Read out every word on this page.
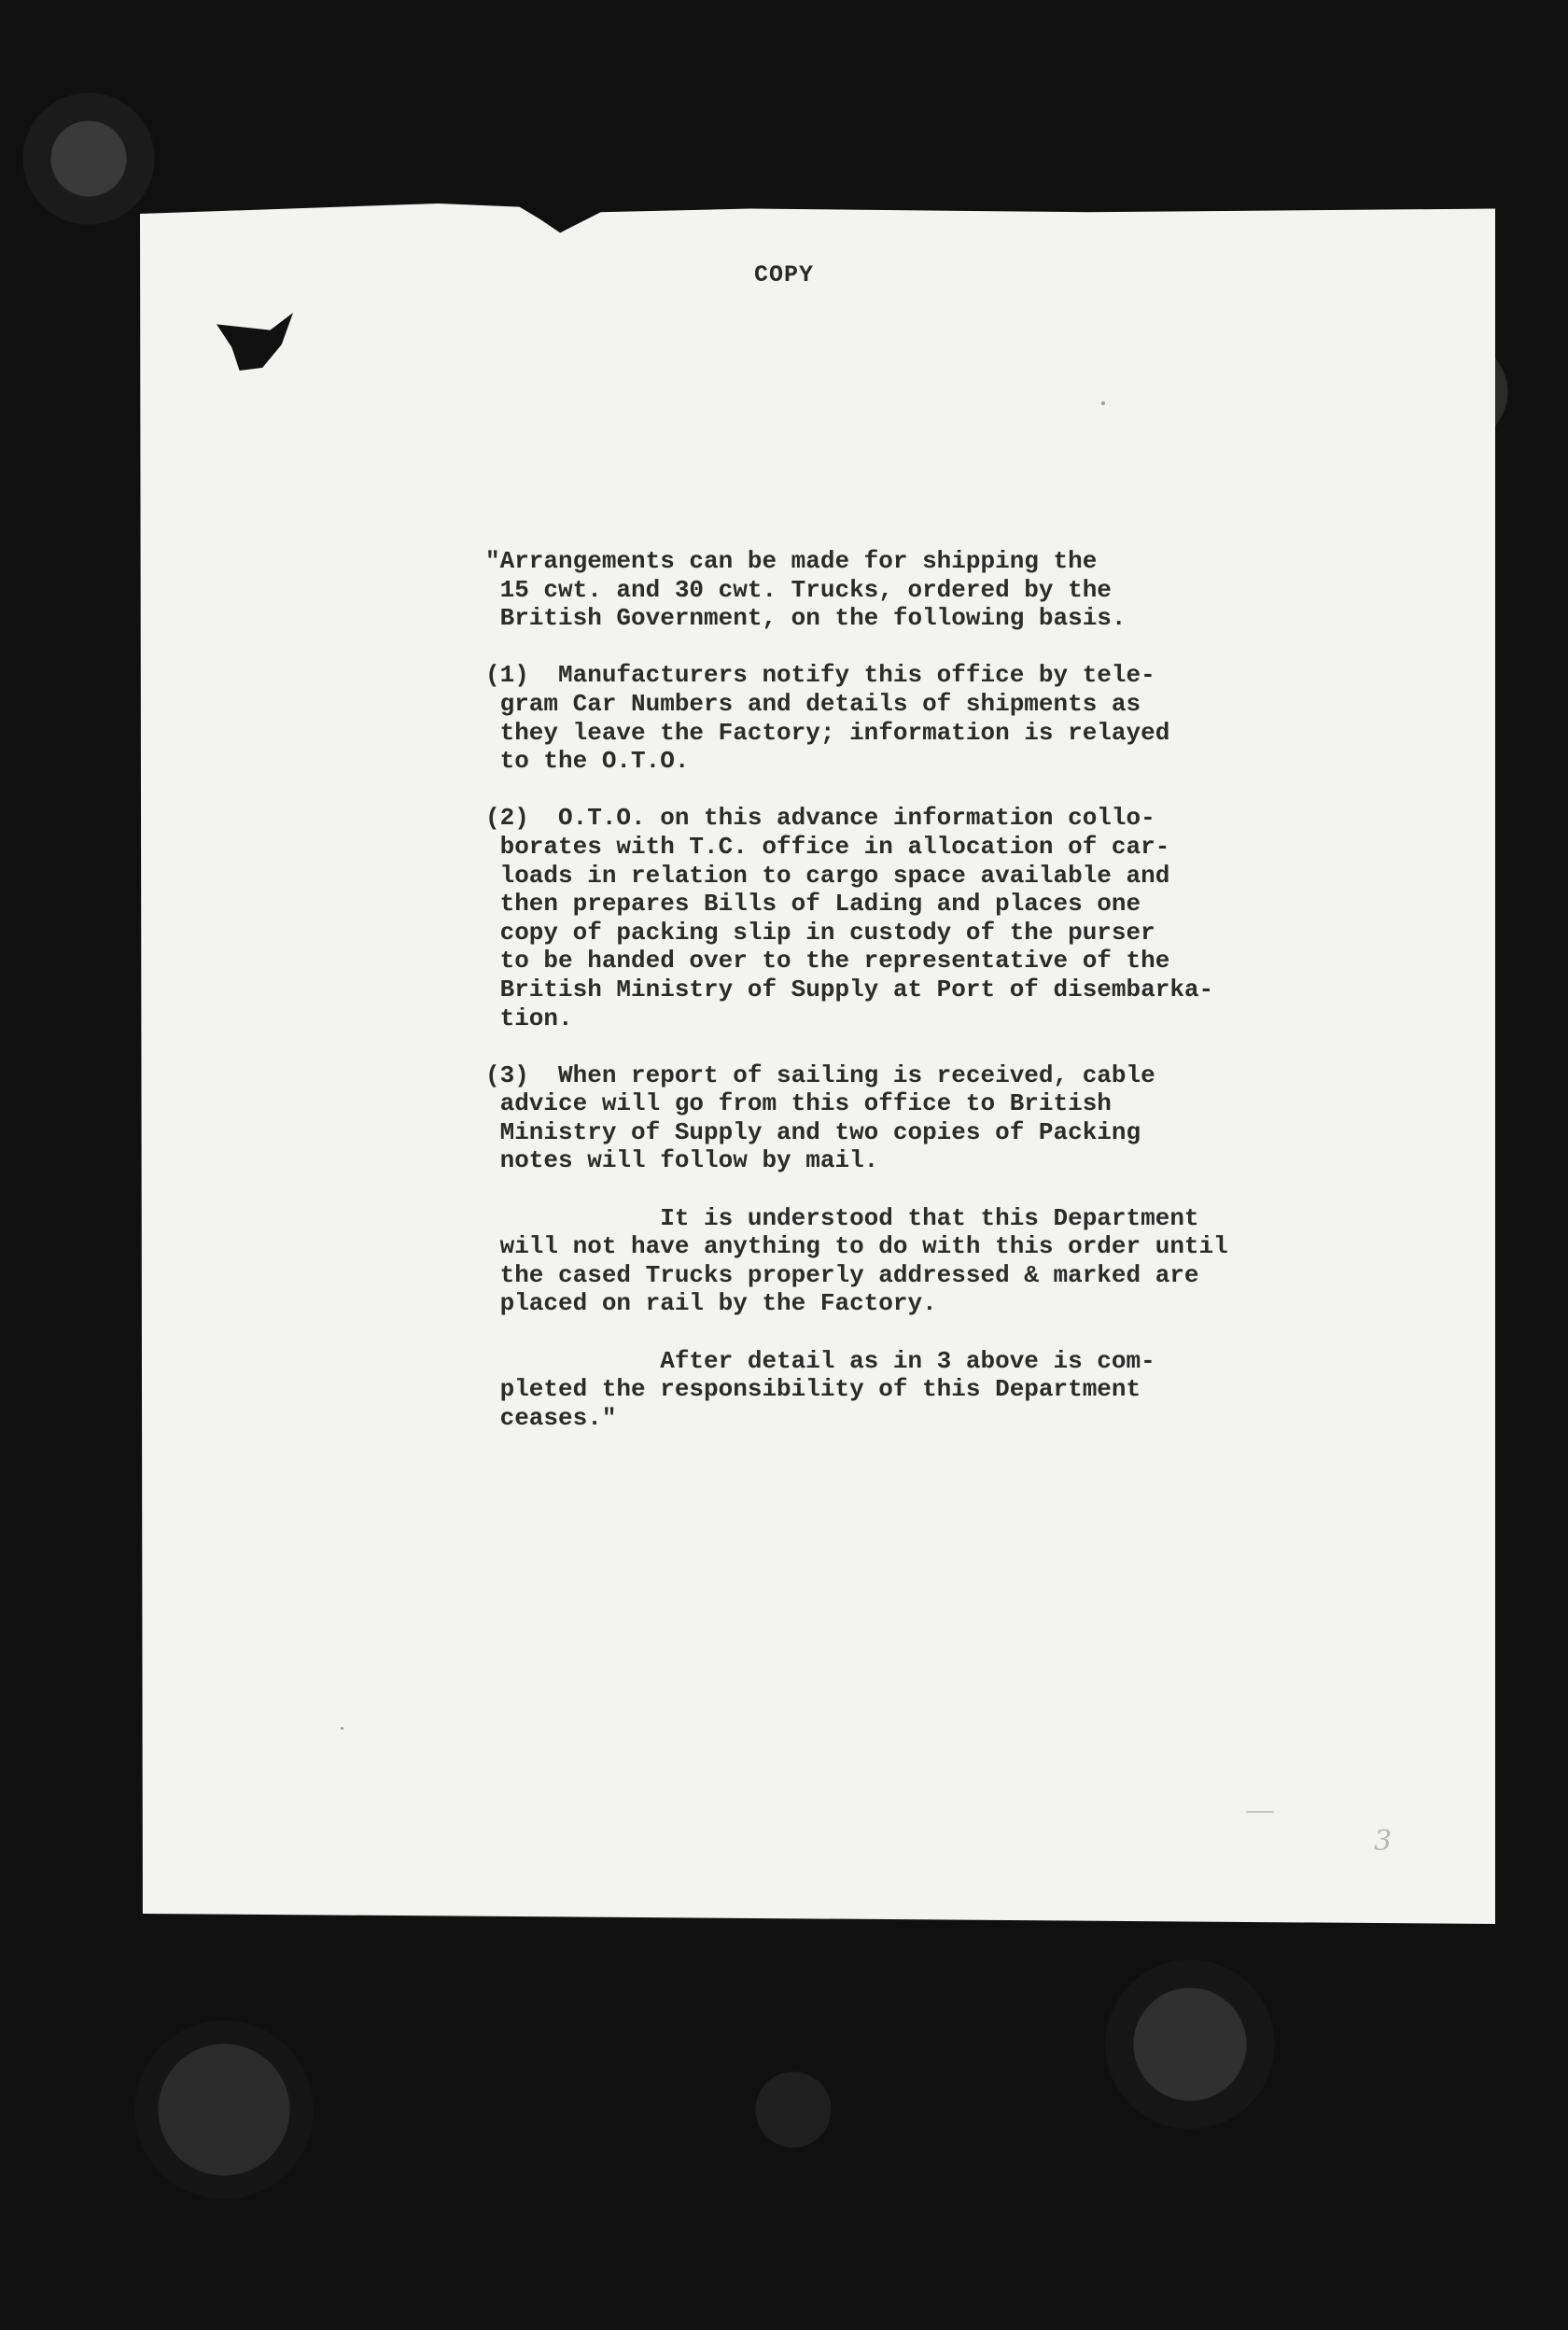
COPY
"Arrangements can be made for shipping the
15 cwt. and 30 cwt. Trucks, ordered by the
British Government, on the following basis.
(1)  Manufacturers notify this office by tele-
gram Car Numbers and details of shipments as
they leave the Factory; information is relayed
to the O.T.O.
(2)  O.T.O. on this advance information collo-
borates with T.C. office in allocation of car-
loads in relation to cargo space available and
then prepares Bills of Lading and places one
copy of packing slip in custody of the purser
to be handed over to the representative of the
British Ministry of Supply at Port of disembarka-
tion.
(3)  When report of sailing is received, cable
advice will go from this office to British
Ministry of Supply and two copies of Packing
notes will follow by mail.
It is understood that this Department
will not have anything to do with this order until
the cased Trucks properly addressed & marked are
placed on rail by the Factory.
After detail as in 3 above is com-
pleted the responsibility of this Department
ceases."
3
